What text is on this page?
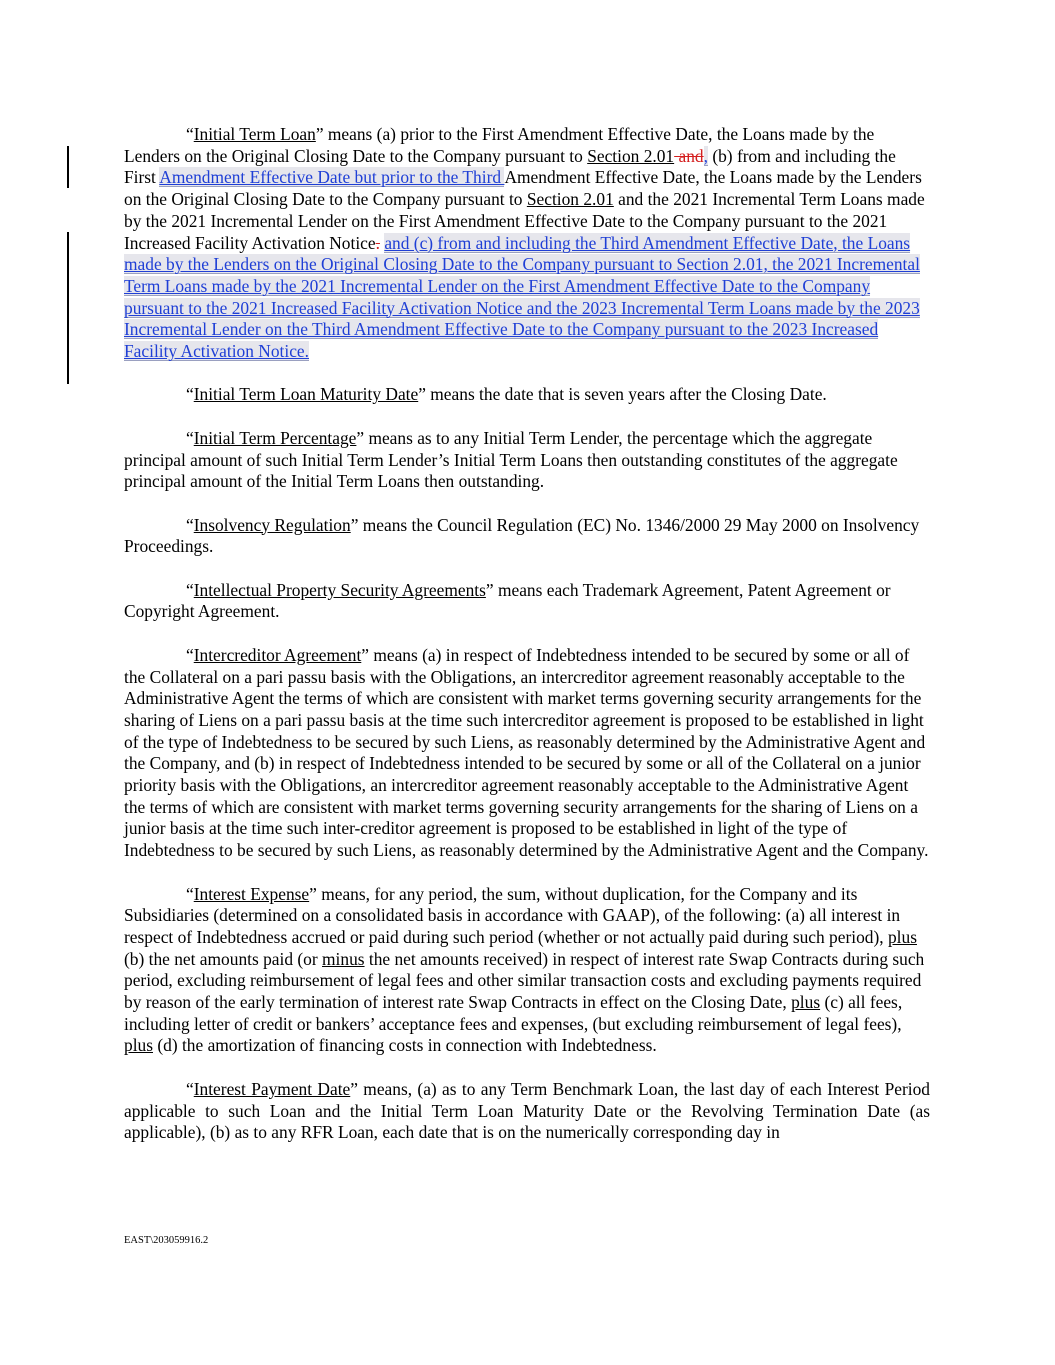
“Initial Term Loan” means (a) prior to the First Amendment Effective Date, the Loans made by the Lenders on the Original Closing Date to the Company pursuant to Section 2.01 and, (b) from and including the First Amendment Effective Date but prior to the Third Amendment Effective Date, the Loans made by the Lenders on the Original Closing Date to the Company pursuant to Section 2.01 and the 2021 Incremental Term Loans made by the 2021 Incremental Lender on the First Amendment Effective Date to the Company pursuant to the 2021 Increased Facility Activation Notice. and (c) from and including the Third Amendment Effective Date, the Loans made by the Lenders on the Original Closing Date to the Company pursuant to Section 2.01, the 2021 Incremental Term Loans made by the 2021 Incremental Lender on the First Amendment Effective Date to the Company pursuant to the 2021 Increased Facility Activation Notice and the 2023 Incremental Term Loans made by the 2023 Incremental Lender on the Third Amendment Effective Date to the Company pursuant to the 2023 Increased Facility Activation Notice.

“Initial Term Loan Maturity Date” means the date that is seven years after the Closing Date.

“Initial Term Percentage” means as to any Initial Term Lender, the percentage which the aggregate principal amount of such Initial Term Lender’s Initial Term Loans then outstanding constitutes of the aggregate principal amount of the Initial Term Loans then outstanding.

“Insolvency Regulation” means the Council Regulation (EC) No. 1346/2000 29 May 2000 on Insolvency Proceedings.

“Intellectual Property Security Agreements” means each Trademark Agreement, Patent Agreement or Copyright Agreement.

“Intercreditor Agreement” means (a) in respect of Indebtedness intended to be secured by some or all of the Collateral on a pari passu basis with the Obligations, an intercreditor agreement reasonably acceptable to the Administrative Agent the terms of which are consistent with market terms governing security arrangements for the sharing of Liens on a pari passu basis at the time such intercreditor agreement is proposed to be established in light of the type of Indebtedness to be secured by such Liens, as reasonably determined by the Administrative Agent and the Company, and (b) in respect of Indebtedness intended to be secured by some or all of the Collateral on a junior priority basis with the Obligations, an intercreditor agreement reasonably acceptable to the Administrative Agent the terms of which are consistent with market terms governing security arrangements for the sharing of Liens on a junior basis at the time such inter-creditor agreement is proposed to be established in light of the type of Indebtedness to be secured by such Liens, as reasonably determined by the Administrative Agent and the Company.

“Interest Expense” means, for any period, the sum, without duplication, for the Company and its Subsidiaries (determined on a consolidated basis in accordance with GAAP), of the following: (a) all interest in respect of Indebtedness accrued or paid during such period (whether or not actually paid during such period), plus (b) the net amounts paid (or minus the net amounts received) in respect of interest rate Swap Contracts during such period, excluding reimbursement of legal fees and other similar transaction costs and excluding payments required by reason of the early termination of interest rate Swap Contracts in effect on the Closing Date, plus (c) all fees, including letter of credit or bankers’ acceptance fees and expenses, (but excluding reimbursement of legal fees), plus (d) the amortization of financing costs in connection with Indebtedness.

“Interest Payment Date” means, (a) as to any Term Benchmark Loan, the last day of each Interest Period applicable to such Loan and the Initial Term Loan Maturity Date or the Revolving Termination Date (as applicable), (b) as to any RFR Loan, each date that is on the numerically corresponding day in

EAST\203059916.2
